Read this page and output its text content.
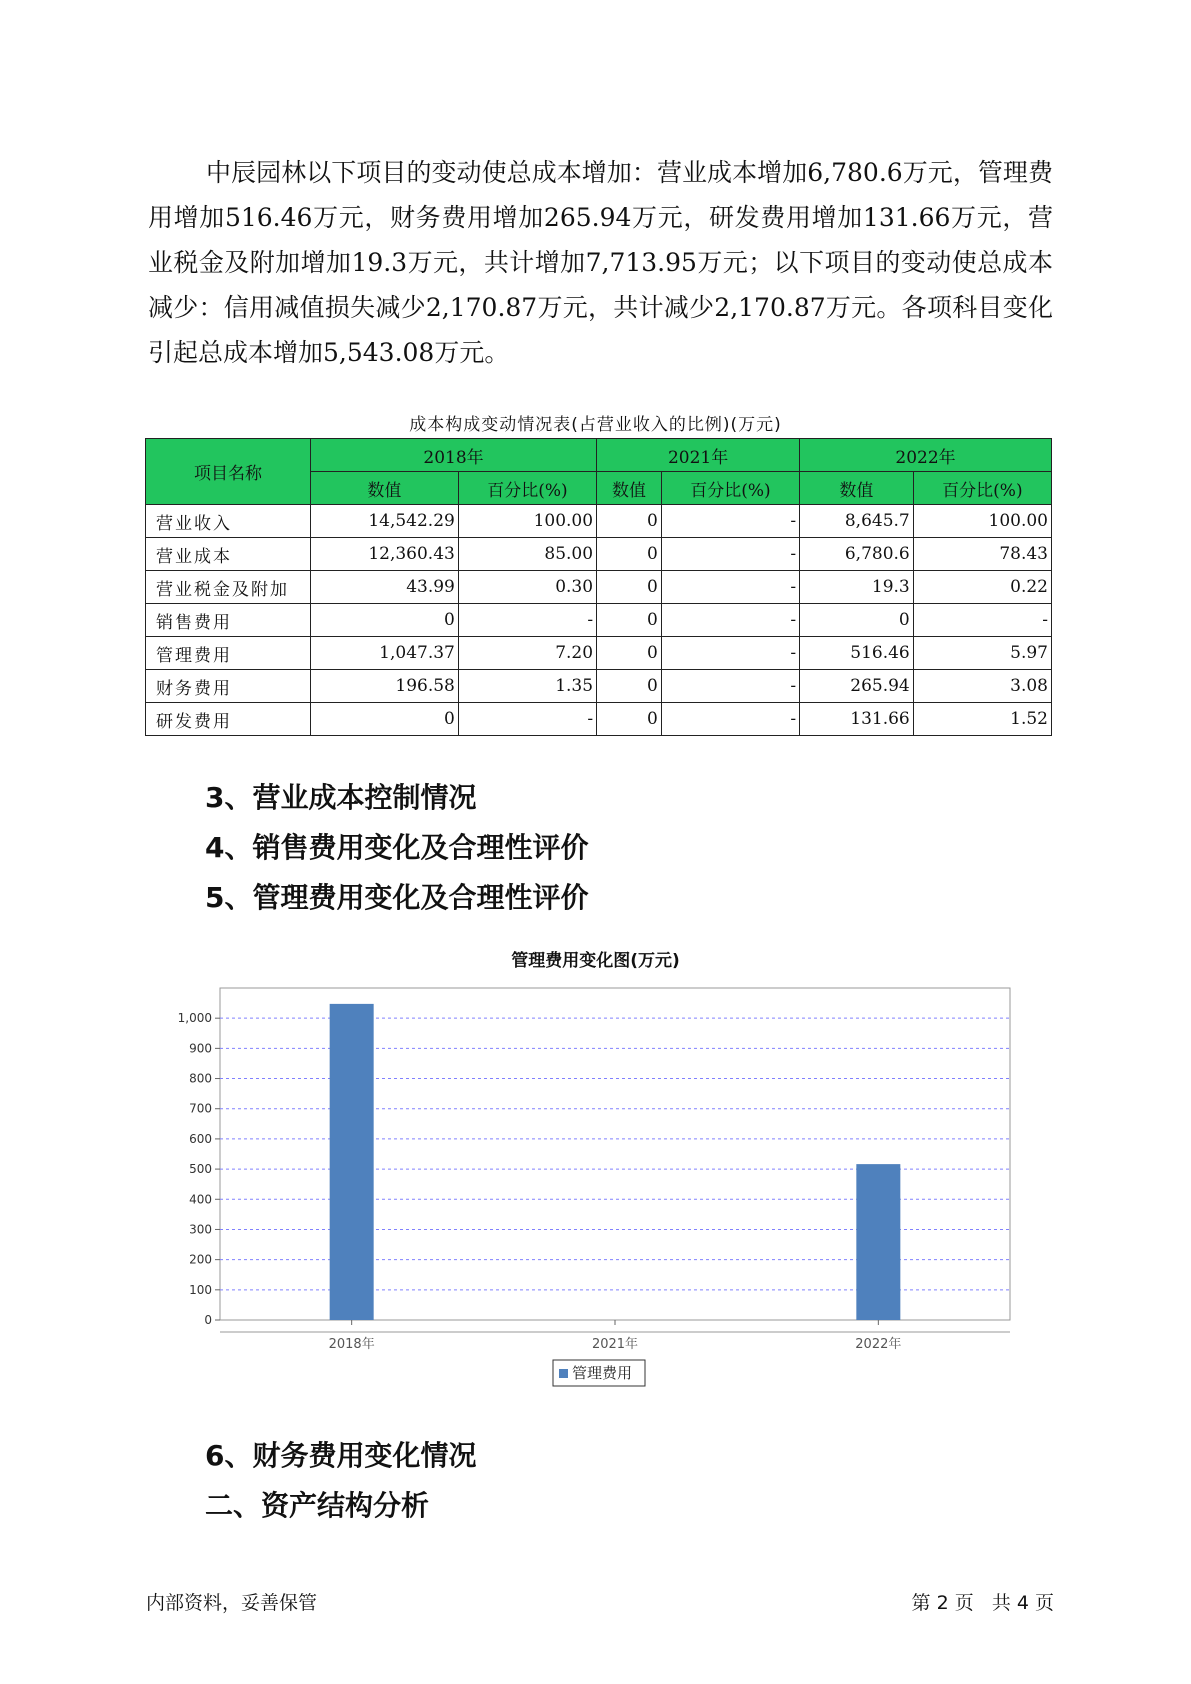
中辰园林以下项目的变动使总成本增加：营业成本增加6,780.6万元，管理费用增加516.46万元，财务费用增加265.94万元，研发费用增加131.66万元，营业税金及附加增加19.3万元，共计增加7,713.95万元；以下项目的变动使总成本减少：信用减值损失减少2,170.87万元，共计减少2,170.87万元。各项科目变化引起总成本增加5,543.08万元。

成本构成变动情况表(占营业收入的比例)(万元)
项目名称	2018年		2021年		2022年	
	数值	百分比(%)	数值	百分比(%)	数值	百分比(%)
营业收入	14,542.29	100.00	0	-	8,645.7	100.00
营业成本	12,360.43	85.00	0	-	6,780.6	78.43
营业税金及附加	43.99	0.30	0	-	19.3	0.22
销售费用	0	-	0	-	0	-
管理费用	1,047.37	7.20	0	-	516.46	5.97
财务费用	196.58	1.35	0	-	265.94	3.08
研发费用	0	-	0	-	131.66	1.52
3、营业成本控制情况
4、销售费用变化及合理性评价
5、管理费用变化及合理性评价
管理费用变化图(万元)
0
100
200
300
400
500
600
700
800
900
1,000
2018年	2021年	2022年
管理费用
6、财务费用变化情况
二、资产结构分析
内部资料，妥善保管	第 2 页   共 4 页
